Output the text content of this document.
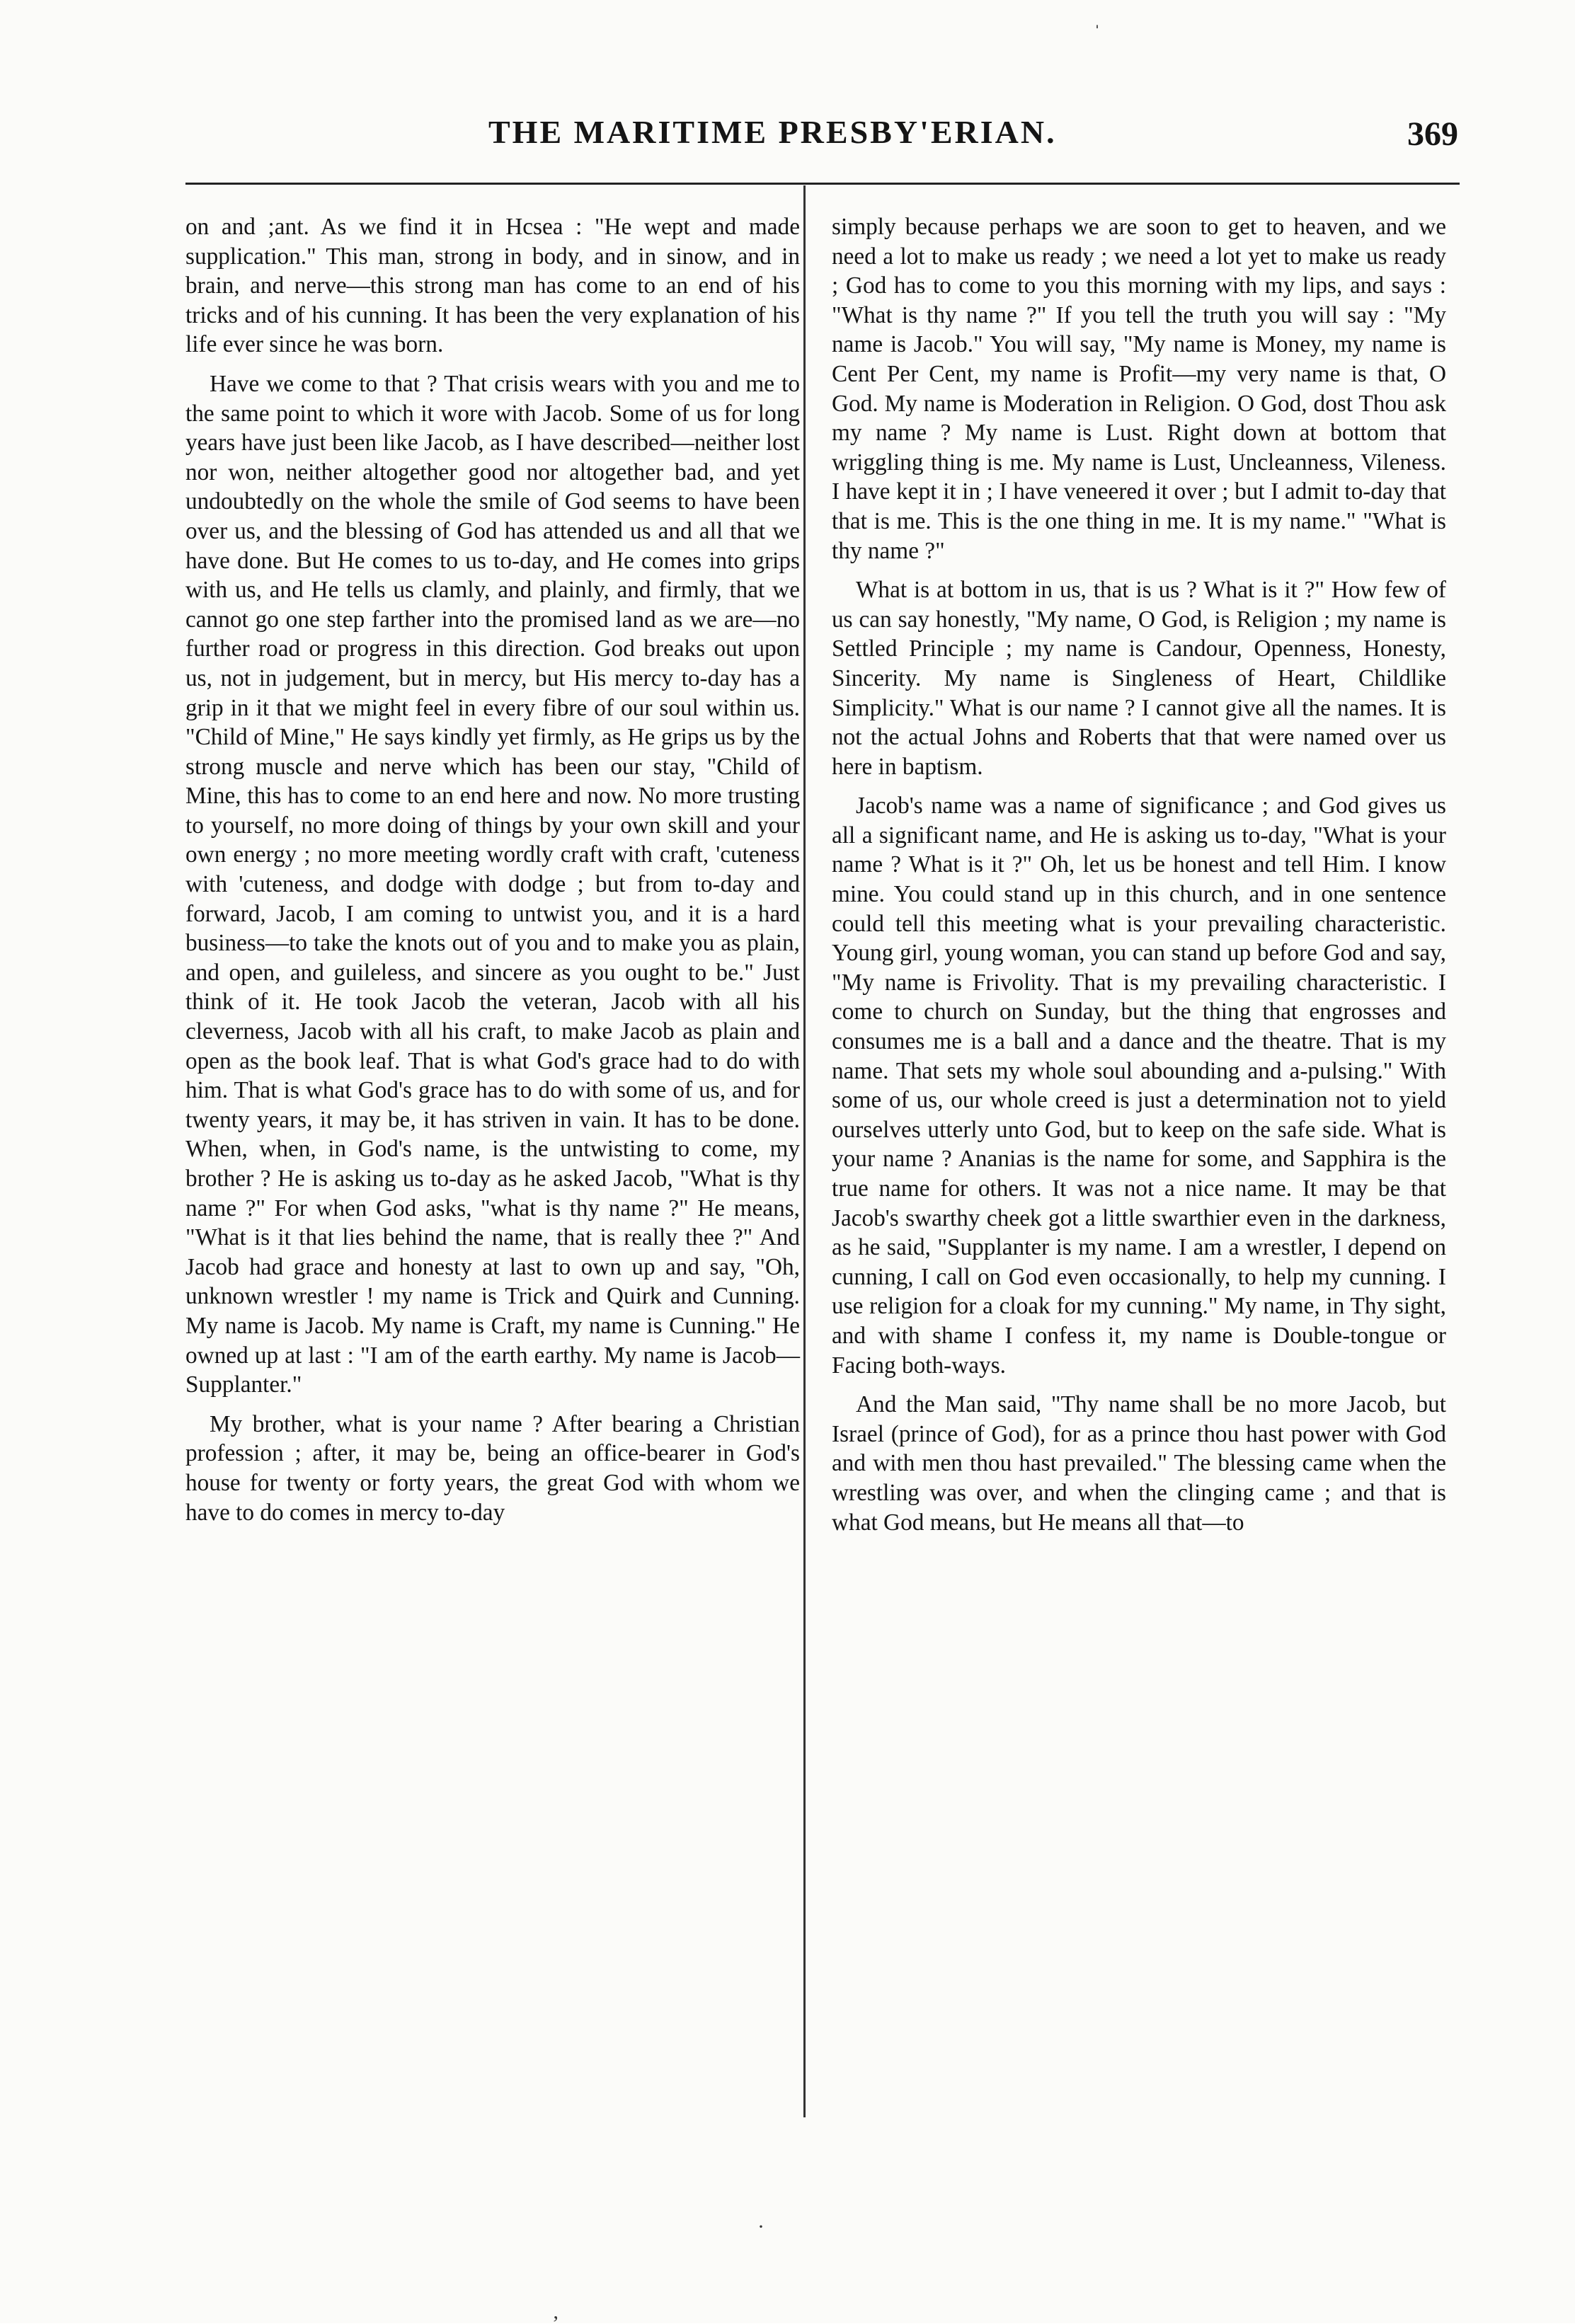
THE MARITIME PRESBY'ERIAN.	369

on and ;ant. As we find it in Hcsea : "He wept and made supplication." This man, strong in body, and in sinow, and in brain, and nerve—this strong man has come to an end of his tricks and of his cunning. It has been the very explanation of his life ever since he was born.

Have we come to that ? That crisis wears with you and me to the same point to which it wore with Jacob. Some of us for long years have just been like Jacob, as I have described—neither lost nor won, neither altogether good nor altogether bad, and yet undoubtedly on the whole the smile of God seems to have been over us, and the blessing of God has attended us and all that we have done. But He comes to us to-day, and He comes into grips with us, and He tells us clamly, and plainly, and firmly, that we cannot go one step farther into the promised land as we are—no further road or progress in this direction. God breaks out upon us, not in judgement, but in mercy, but His mercy to-day has a grip in it that we might feel in every fibre of our soul within us. "Child of Mine," He says kindly yet firmly, as He grips us by the strong muscle and nerve which has been our stay, "Child of Mine, this has to come to an end here and now. No more trusting to yourself, no more doing of things by your own skill and your own energy ; no more meeting wordly craft with craft, 'cuteness with 'cuteness, and dodge with dodge ; but from to-day and forward, Jacob, I am coming to untwist you, and it is a hard business—to take the knots out of you and to make you as plain, and open, and guileless, and sincere as you ought to be." Just think of it. He took Jacob the veteran, Jacob with all his cleverness, Jacob with all his craft, to make Jacob as plain and open as the book leaf. That is what God's grace had to do with him. That is what God's grace has to do with some of us, and for twenty years, it may be, it has striven in vain. It has to be done. When, when, in God's name, is the untwisting to come, my brother ? He is asking us to-day as he asked Jacob, "What is thy name ?" For when God asks, "what is thy name ?" He means, "What is it that lies behind the name, that is really thee ?" And Jacob had grace and honesty at last to own up and say, "Oh, unknown wrestler ! my name is Trick and Quirk and Cunning. My name is Jacob. My name is Craft, my name is Cunning." He owned up at last : "I am of the earth earthy. My name is Jacob—Supplanter."

My brother, what is your name ? After bearing a Christian profession ; after, it may be, being an office-bearer in God's house for twenty or forty years, the great God with whom we have to do comes in mercy to-day

simply because perhaps we are soon to get to heaven, and we need a lot to make us ready ; we need a lot yet to make us ready ; God has to come to you this morning with my lips, and says : "What is thy name ?" If you tell the truth you will say : "My name is Jacob." You will say, "My name is Money, my name is Cent Per Cent, my name is Profit—my very name is that, O God. My name is Moderation in Religion. O God, dost Thou ask my name ? My name is Lust. Right down at bottom that wriggling thing is me. My name is Lust, Uncleanness, Vileness. I have kept it in ; I have veneered it over ; but I admit to-day that that is me. This is the one thing in me. It is my name." "What is thy name ?"

What is at bottom in us, that is us ? What is it ?" How few of us can say honestly, "My name, O God, is Religion ; my name is Settled Principle ; my name is Candour, Openness, Honesty, Sincerity. My name is Singleness of Heart, Childlike Simplicity." What is our name ? I cannot give all the names. It is not the actual Johns and Roberts that that were named over us here in baptism.

Jacob's name was a name of significance ; and God gives us all a significant name, and He is asking us to-day, "What is your name ? What is it ?" Oh, let us be honest and tell Him. I know mine. You could stand up in this church, and in one sentence could tell this meeting what is your prevailing characteristic. Young girl, young woman, you can stand up before God and say, "My name is Frivolity. That is my prevailing characteristic. I come to church on Sunday, but the thing that engrosses and consumes me is a ball and a dance and the theatre. That is my name. That sets my whole soul abounding and a-pulsing." With some of us, our whole creed is just a determination not to yield ourselves utterly unto God, but to keep on the safe side. What is your name ? Ananias is the name for some, and Sapphira is the true name for others. It was not a nice name. It may be that Jacob's swarthy cheek got a little swarthier even in the darkness, as he said, "Supplanter is my name. I am a wrestler, I depend on cunning, I call on God even occasionally, to help my cunning. I use religion for a cloak for my cunning." My name, in Thy sight, and with shame I confess it, my name is Double-tongue or Facing both-ways.

And the Man said, "Thy name shall be no more Jacob, but Israel (prince of God), for as a prince thou hast power with God and with men thou hast prevailed." The blessing came when the wrestling was over, and when the clinging came ; and that is what God means, but He means all that—to

ˈ
·
‚
